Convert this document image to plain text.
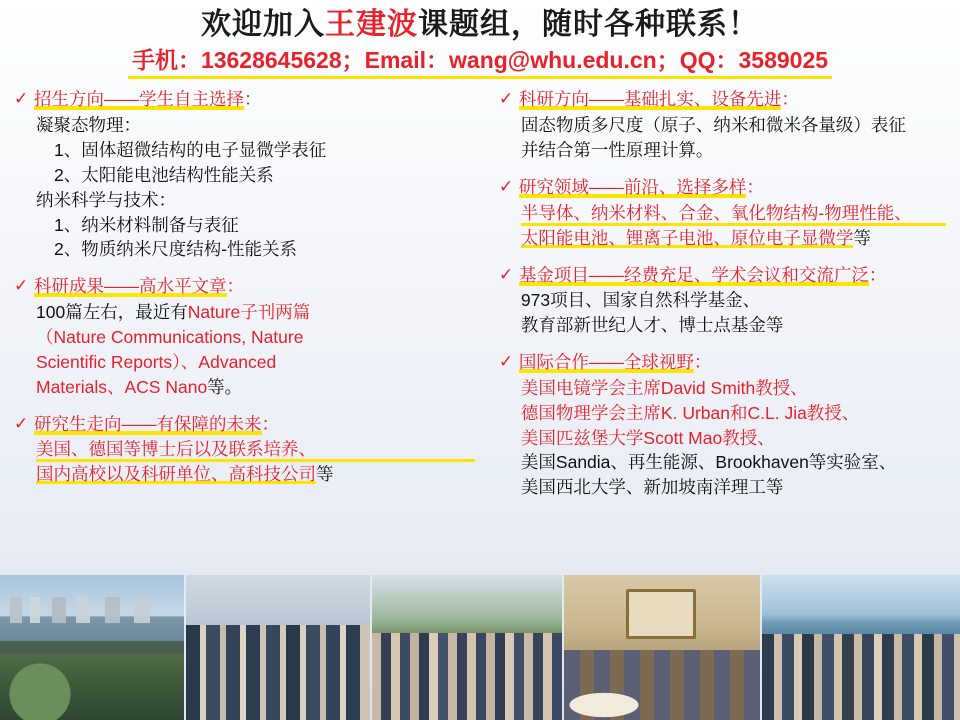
欢迎加入王建波课题组，随时各种联系！
手机：13628645628；Email：wang@whu.edu.cn；QQ：3589025
✓ 招生方向——学生自主选择：
凝聚态物理：
1、固体超微结构的电子显微学表征
2、太阳能电池结构性能关系
纳米科学与技术：
1、纳米材料制备与表征
2、物质纳米尺度结构-性能关系
✓ 科研成果——高水平文章：
100篇左右，最近有Nature子刊两篇
（Nature Communications, Nature
Scientific Reports）、Advanced
Materials、ACS Nano等。
✓ 研究生走向——有保障的未来：
美国、德国等博士后以及联系培养、
国内高校以及科研单位、高科技公司等
✓ 科研方向——基础扎实、设备先进：
固态物质多尺度（原子、纳米和微米各量级）表征
并结合第一性原理计算。
✓ 研究领域——前沿、选择多样：
半导体、纳米材料、合金、氧化物结构-物理性能、
太阳能电池、锂离子电池、原位电子显微学等
✓ 基金项目——经费充足、学术会议和交流广泛：
973项目、国家自然科学基金、
教育部新世纪人才、博士点基金等
✓ 国际合作——全球视野：
美国电镜学会主席David Smith教授、
德国物理学会主席K. Urban和C.L. Jia教授、
美国匹兹堡大学Scott Mao教授、
美国Sandia、再生能源、Brookhaven等实验室、
美国西北大学、新加坡南洋理工等
